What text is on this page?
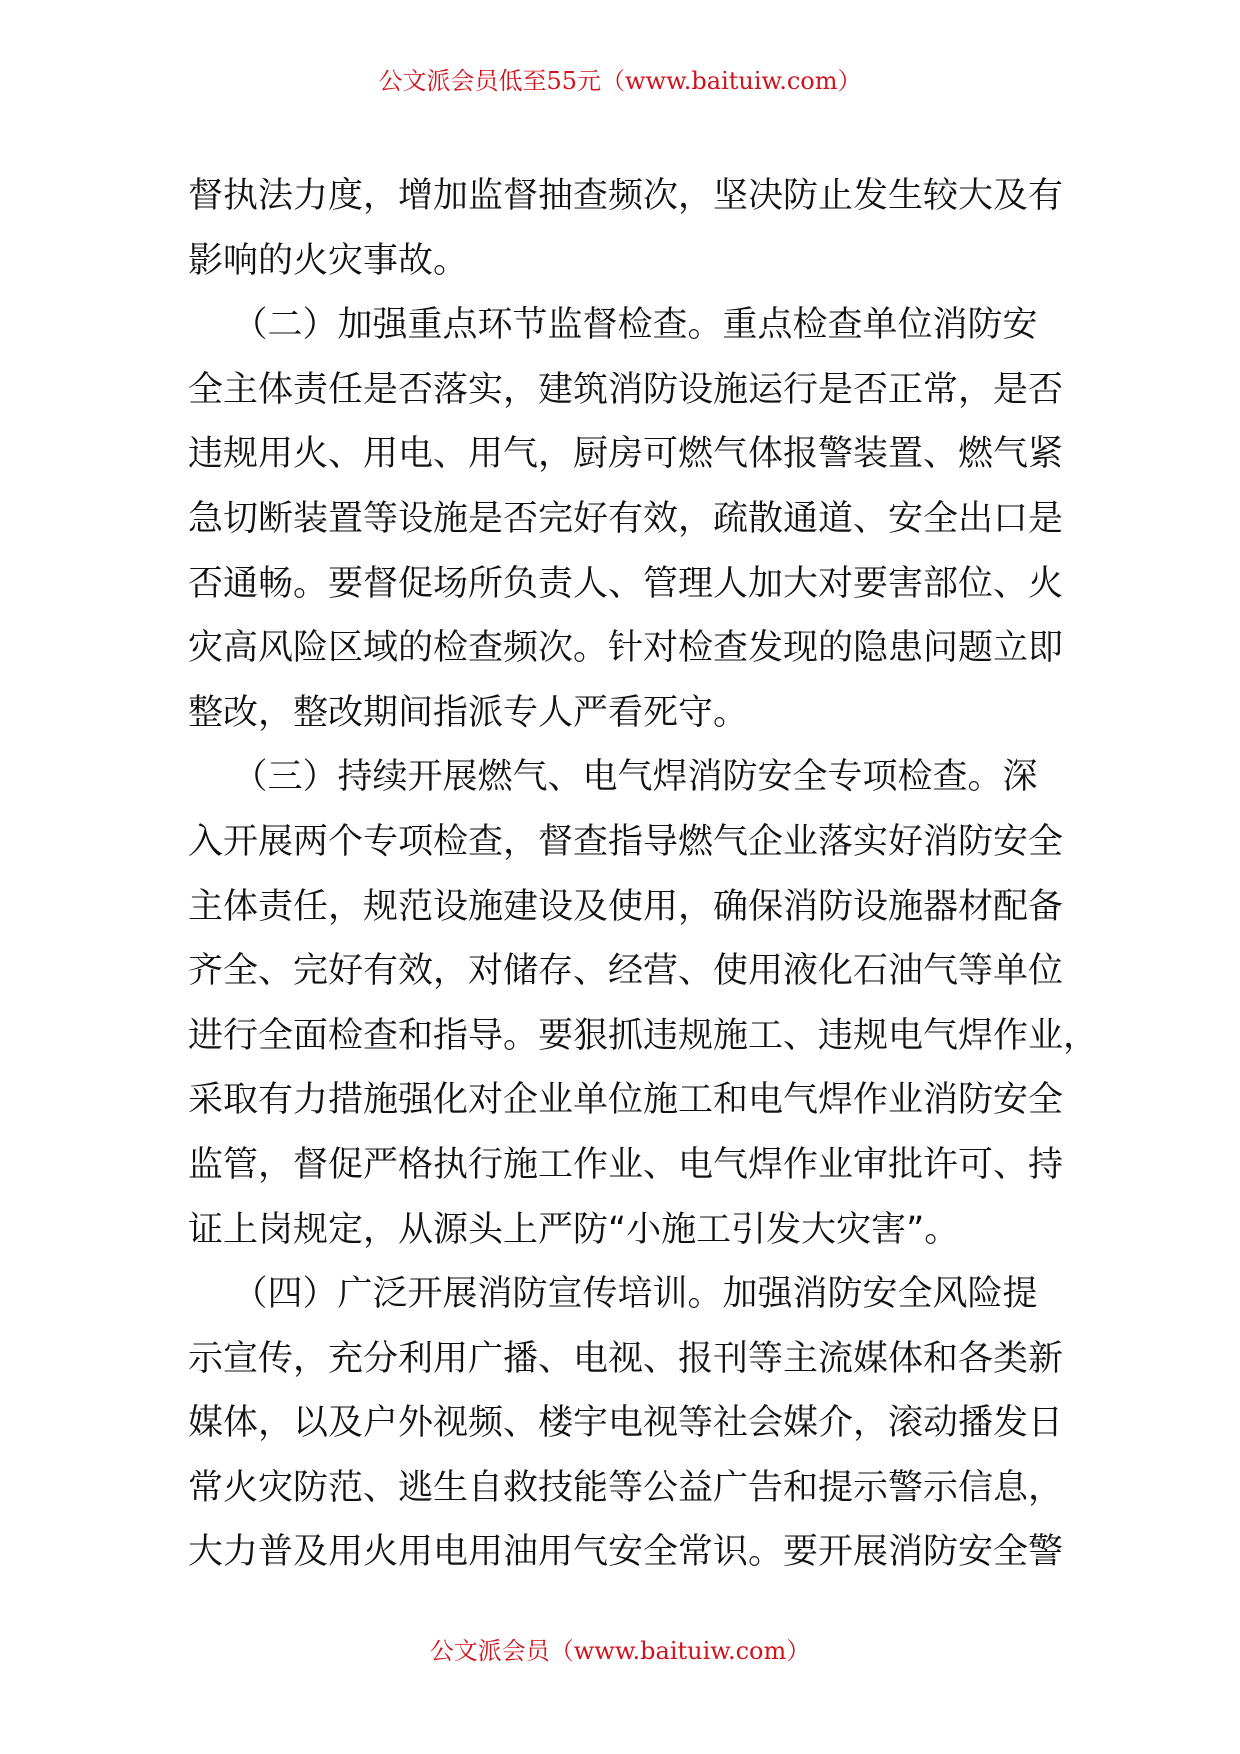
公文派会员低至55元（www.baituiw.com）
督执法力度，增加监督抽查频次，坚决防止发生较大及有
影响的火灾事故。
（二）加强重点环节监督检查。重点检查单位消防安
全主体责任是否落实，建筑消防设施运行是否正常，是否
违规用火、用电、用气，厨房可燃气体报警装置、燃气紧
急切断装置等设施是否完好有效，疏散通道、安全出口是
否通畅。要督促场所负责人、管理人加大对要害部位、火
灾高风险区域的检查频次。针对检查发现的隐患问题立即
整改，整改期间指派专人严看死守。
（三）持续开展燃气、电气焊消防安全专项检查。深
入开展两个专项检查，督查指导燃气企业落实好消防安全
主体责任，规范设施建设及使用，确保消防设施器材配备
齐全、完好有效，对储存、经营、使用液化石油气等单位
进行全面检查和指导。要狠抓违规施工、违规电气焊作业，
采取有力措施强化对企业单位施工和电气焊作业消防安全
监管，督促严格执行施工作业、电气焊作业审批许可、持
证上岗规定，从源头上严防“小施工引发大灾害”。
（四）广泛开展消防宣传培训。加强消防安全风险提
示宣传，充分利用广播、电视、报刊等主流媒体和各类新
媒体，以及户外视频、楼宇电视等社会媒介，滚动播发日
常火灾防范、逃生自救技能等公益广告和提示警示信息，
大力普及用火用电用油用气安全常识。要开展消防安全警
公文派会员（www.baituiw.com）
